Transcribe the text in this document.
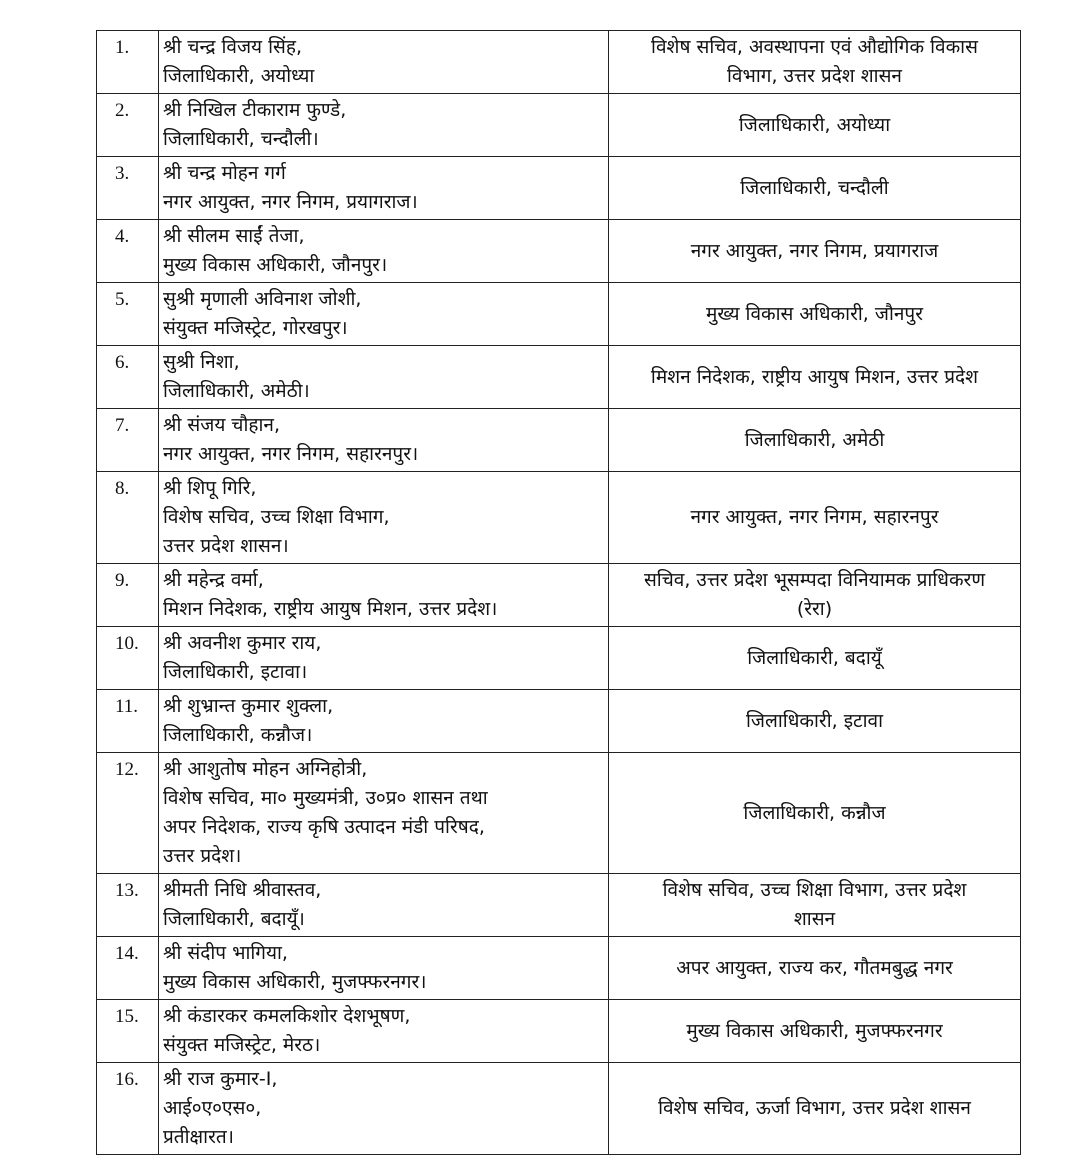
1.	श्री चन्द्र विजय सिंह,
जिलाधिकारी, अयोध्या	विशेष सचिव, अवस्थापना एवं औद्योगिक विकास
विभाग, उत्तर प्रदेश शासन

2.	श्री निखिल टीकाराम फुण्डे,
जिलाधिकारी, चन्दौली।	जिलाधिकारी, अयोध्या

3.	श्री चन्द्र मोहन गर्ग
नगर आयुक्त, नगर निगम, प्रयागराज।	जिलाधिकारी, चन्दौली

4.	श्री सीलम साईं तेजा,
मुख्य विकास अधिकारी, जौनपुर।	नगर आयुक्त, नगर निगम, प्रयागराज

5.	सुश्री मृणाली अविनाश जोशी,
संयुक्त मजिस्ट्रेट, गोरखपुर।	मुख्य विकास अधिकारी, जौनपुर

6.	सुश्री निशा,
जिलाधिकारी, अमेठी।	मिशन निदेशक, राष्ट्रीय आयुष मिशन, उत्तर प्रदेश

7.	श्री संजय चौहान,
नगर आयुक्त, नगर निगम, सहारनपुर।	जिलाधिकारी, अमेठी

8.	श्री शिपू गिरि,
विशेष सचिव, उच्च शिक्षा विभाग,
उत्तर प्रदेश शासन।	नगर आयुक्त, नगर निगम, सहारनपुर

9.	श्री महेन्द्र वर्मा,
मिशन निदेशक, राष्ट्रीय आयुष मिशन, उत्तर प्रदेश।	सचिव, उत्तर प्रदेश भूसम्पदा विनियामक प्राधिकरण
(रेरा)

10.	श्री अवनीश कुमार राय,
जिलाधिकारी, इटावा।	जिलाधिकारी, बदायूँ

11.	श्री शुभ्रान्त कुमार शुक्ला,
जिलाधिकारी, कन्नौज।	जिलाधिकारी, इटावा

12.	श्री आशुतोष मोहन अग्निहोत्री,
विशेष सचिव, मा० मुख्यमंत्री, उ०प्र० शासन तथा
अपर निदेशक, राज्य कृषि उत्पादन मंडी परिषद,
उत्तर प्रदेश।	जिलाधिकारी, कन्नौज

13.	श्रीमती निधि श्रीवास्तव,
जिलाधिकारी, बदायूँ।	विशेष सचिव, उच्च शिक्षा विभाग, उत्तर प्रदेश
शासन

14.	श्री संदीप भागिया,
मुख्य विकास अधिकारी, मुजफ्फरनगर।	अपर आयुक्त, राज्य कर, गौतमबुद्ध नगर

15.	श्री कंडारकर कमलकिशोर देशभूषण,
संयुक्त मजिस्ट्रेट, मेरठ।	मुख्य विकास अधिकारी, मुजफ्फरनगर

16.	श्री राज कुमार-I,
आई०ए०एस०,
प्रतीक्षारत।	विशेष सचिव, ऊर्जा विभाग, उत्तर प्रदेश शासन
